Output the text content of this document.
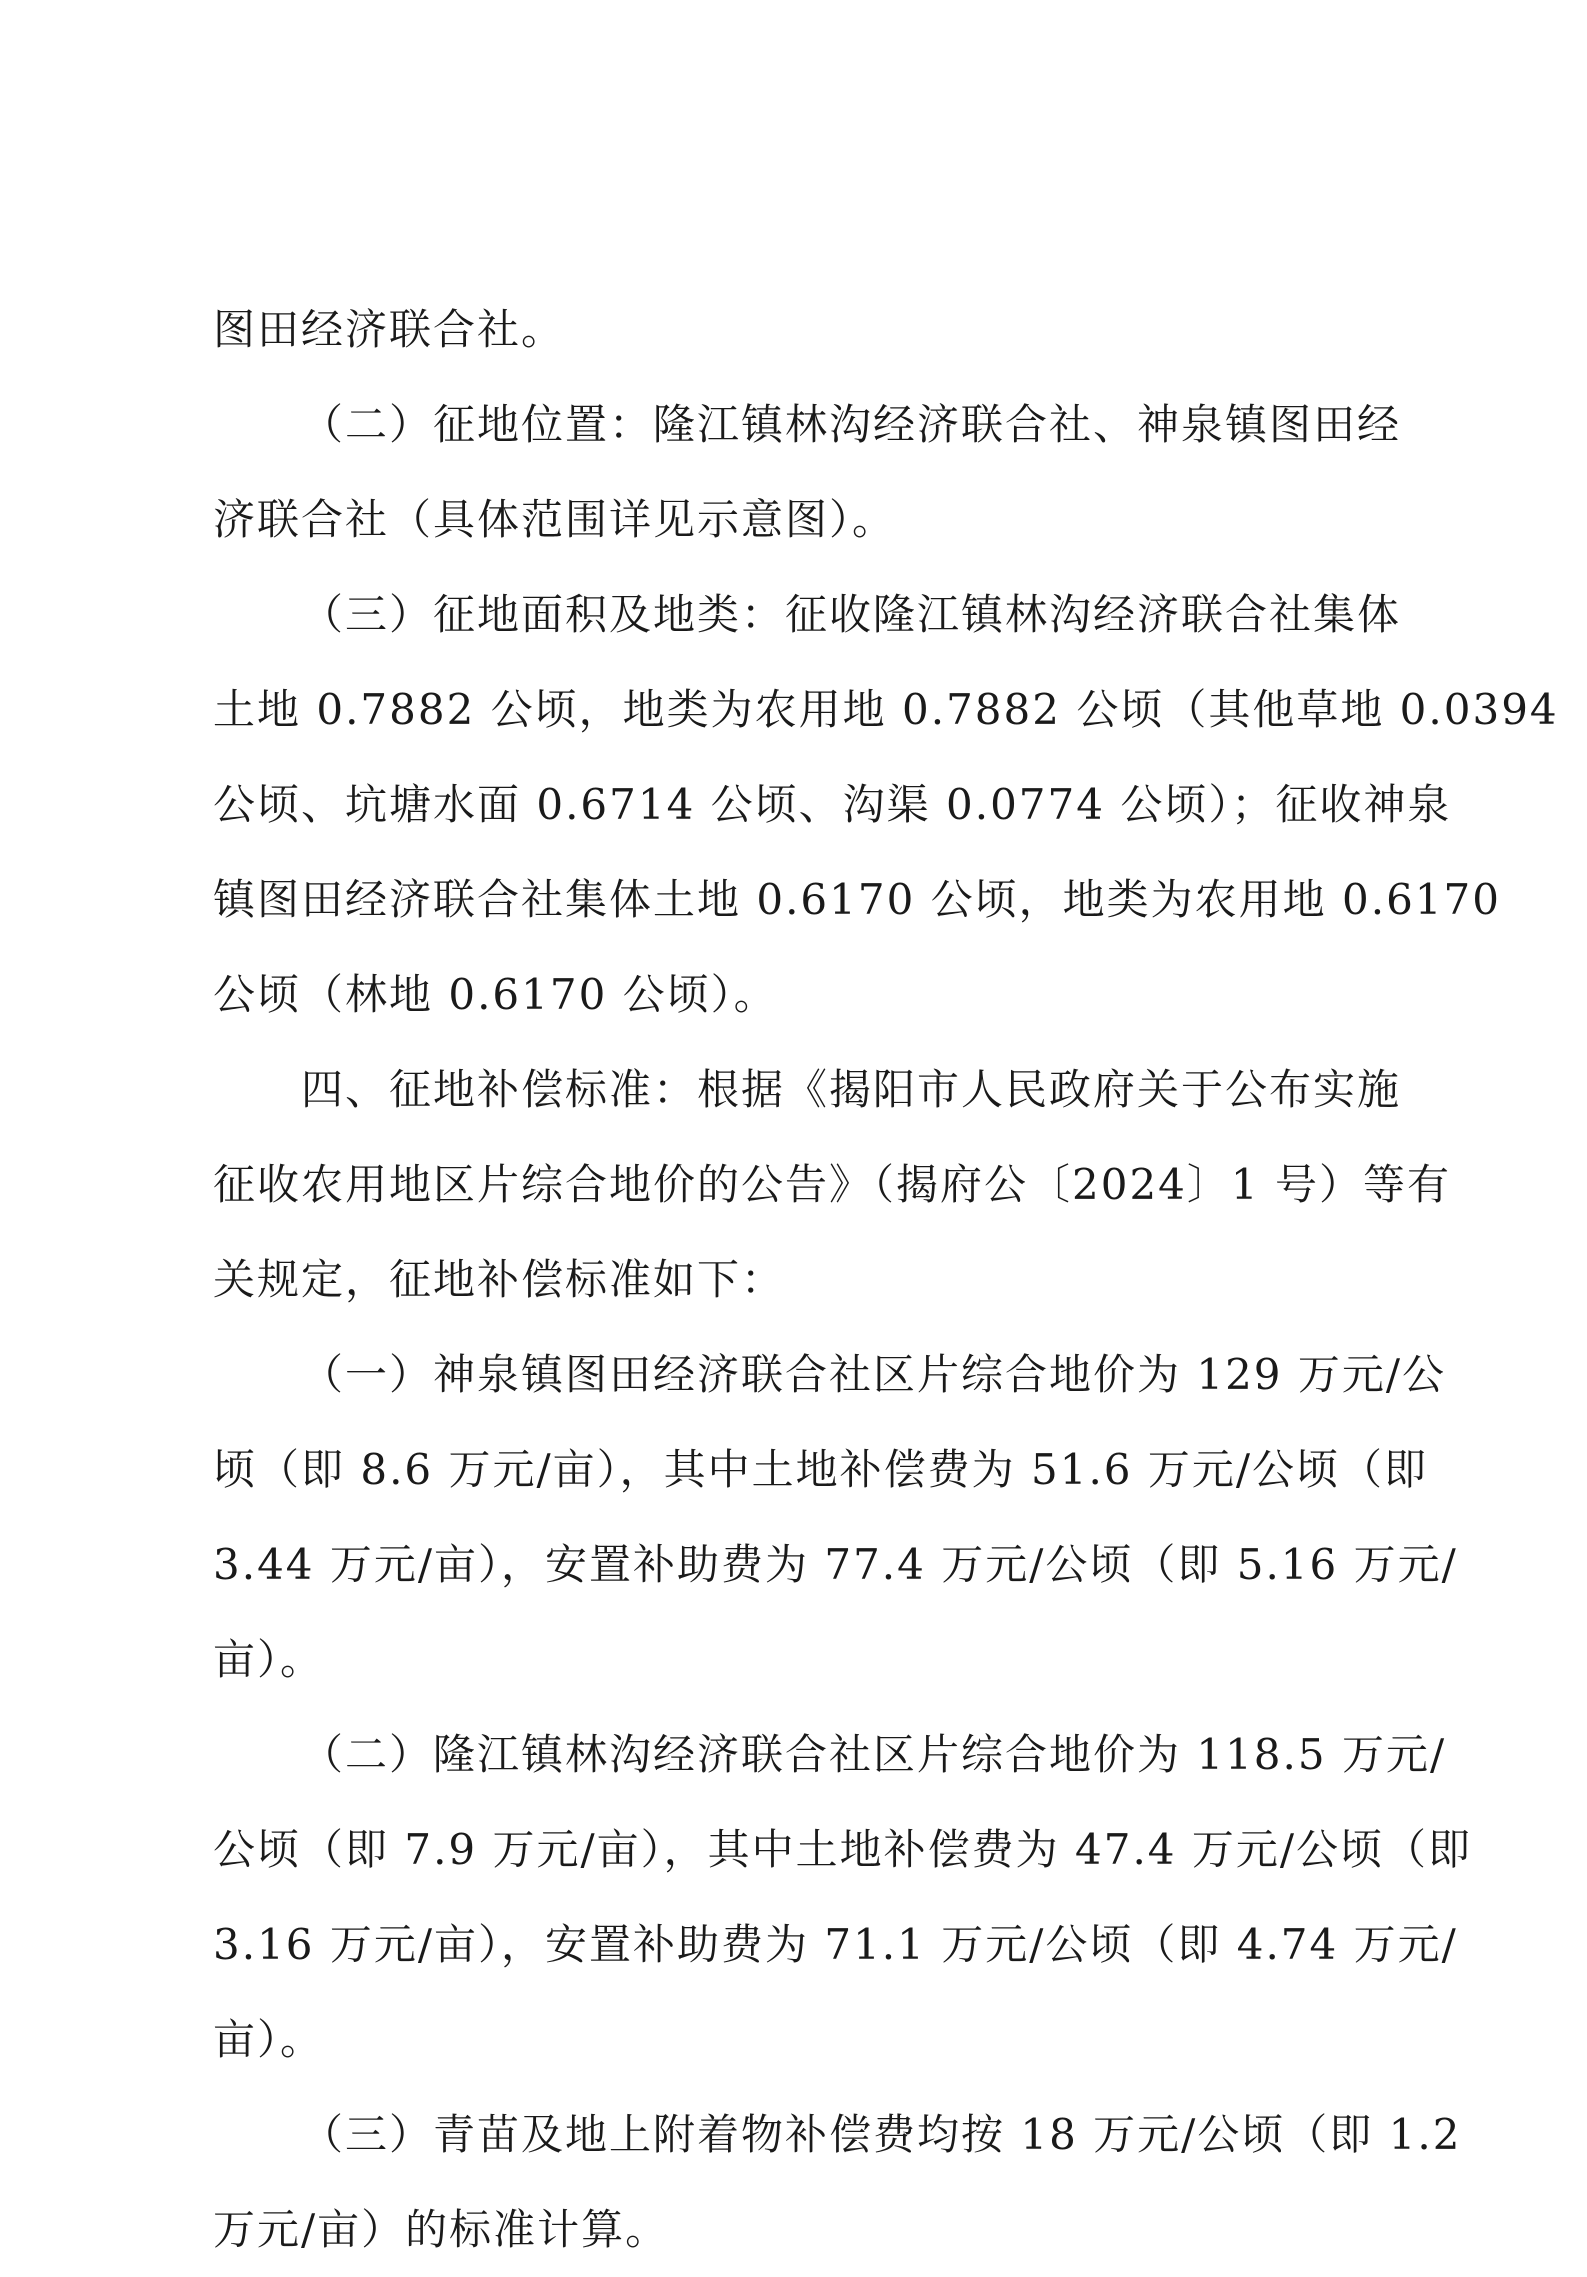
图田经济联合社。
（二）征地位置：隆江镇林沟经济联合社、神泉镇图田经
济联合社（具体范围详见示意图）。
（三）征地面积及地类：征收隆江镇林沟经济联合社集体
土地 0.7882 公顷，地类为农用地 0.7882 公顷（其他草地 0.0394
公顷、坑塘水面 0.6714 公顷、沟渠 0.0774 公顷）；征收神泉
镇图田经济联合社集体土地 0.6170 公顷，地类为农用地 0.6170
公顷（林地 0.6170 公顷）。
四、征地补偿标准：根据《揭阳市人民政府关于公布实施
征收农用地区片综合地价的公告》（揭府公〔2024〕1 号）等有
关规定，征地补偿标准如下：
（一）神泉镇图田经济联合社区片综合地价为 129 万元/公
顷（即 8.6 万元/亩），其中土地补偿费为 51.6 万元/公顷（即
3.44 万元/亩），安置补助费为 77.4 万元/公顷（即 5.16 万元/
亩）。
（二）隆江镇林沟经济联合社区片综合地价为 118.5 万元/
公顷（即 7.9 万元/亩），其中土地补偿费为 47.4 万元/公顷（即
3.16 万元/亩），安置补助费为 71.1 万元/公顷（即 4.74 万元/
亩）。
（三）青苗及地上附着物补偿费均按 18 万元/公顷（即 1.2
万元/亩）的标准计算。
